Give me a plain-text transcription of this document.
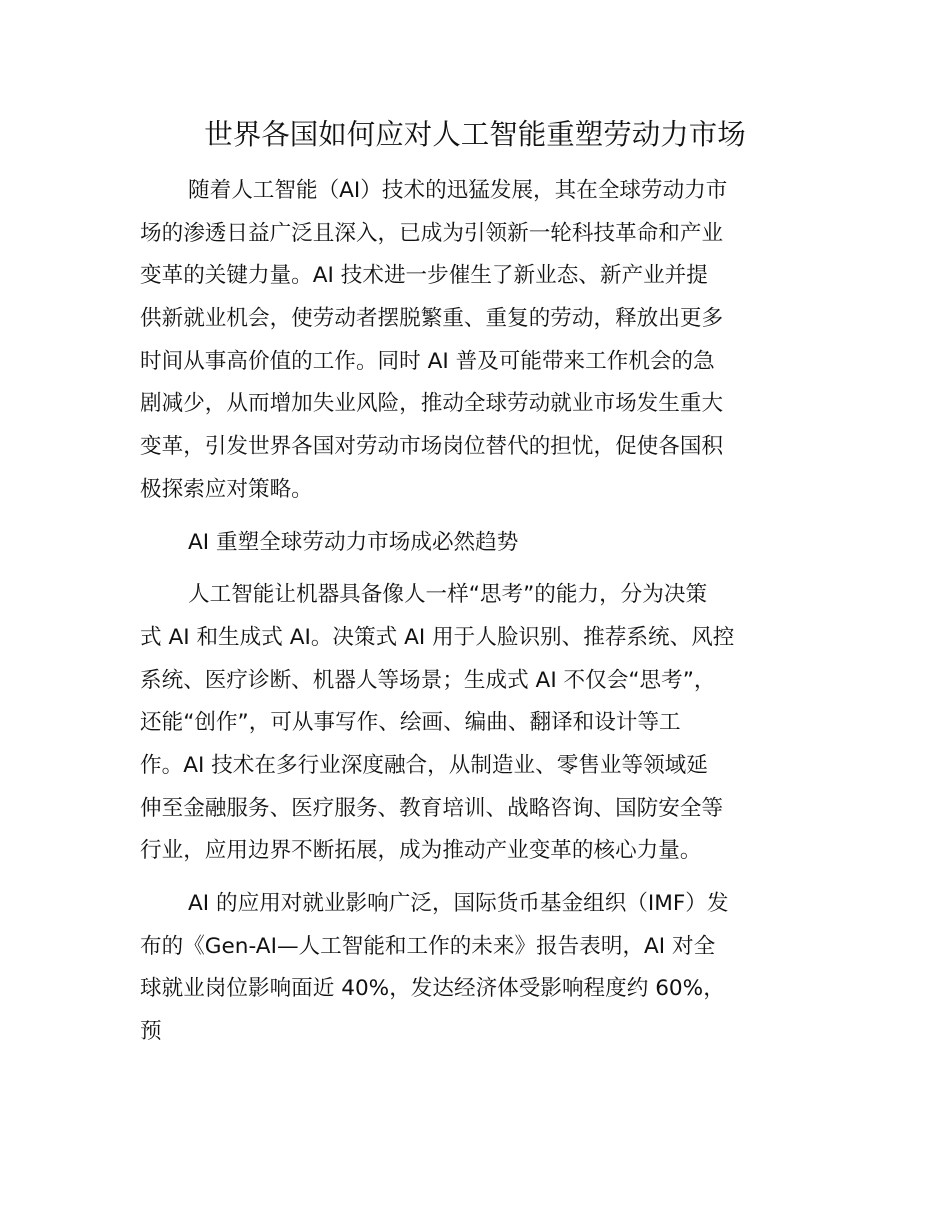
世界各国如何应对人工智能重塑劳动力市场
随着人工智能（AI）技术的迅猛发展，其在全球劳动力市
场的渗透日益广泛且深入，已成为引领新一轮科技革命和产业
变革的关键力量。AI 技术进一步催生了新业态、新产业并提
供新就业机会，使劳动者摆脱繁重、重复的劳动，释放出更多
时间从事高价值的工作。同时 AI 普及可能带来工作机会的急
剧减少，从而增加失业风险，推动全球劳动就业市场发生重大
变革，引发世界各国对劳动市场岗位替代的担忧，促使各国积
极探索应对策略。
AI 重塑全球劳动力市场成必然趋势
人工智能让机器具备像人一样“思考”的能力，分为决策
式 AI 和生成式 AI。决策式 AI 用于人脸识别、推荐系统、风控
系统、医疗诊断、机器人等场景；生成式 AI 不仅会“思考”，
还能“创作”，可从事写作、绘画、编曲、翻译和设计等工
作。AI 技术在多行业深度融合，从制造业、零售业等领域延
伸至金融服务、医疗服务、教育培训、战略咨询、国防安全等
行业，应用边界不断拓展，成为推动产业变革的核心力量。
AI 的应用对就业影响广泛，国际货币基金组织（IMF）发
布的《Gen-AI—人工智能和工作的未来》报告表明，AI 对全
球就业岗位影响面近 40%，发达经济体受影响程度约 60%，
预
